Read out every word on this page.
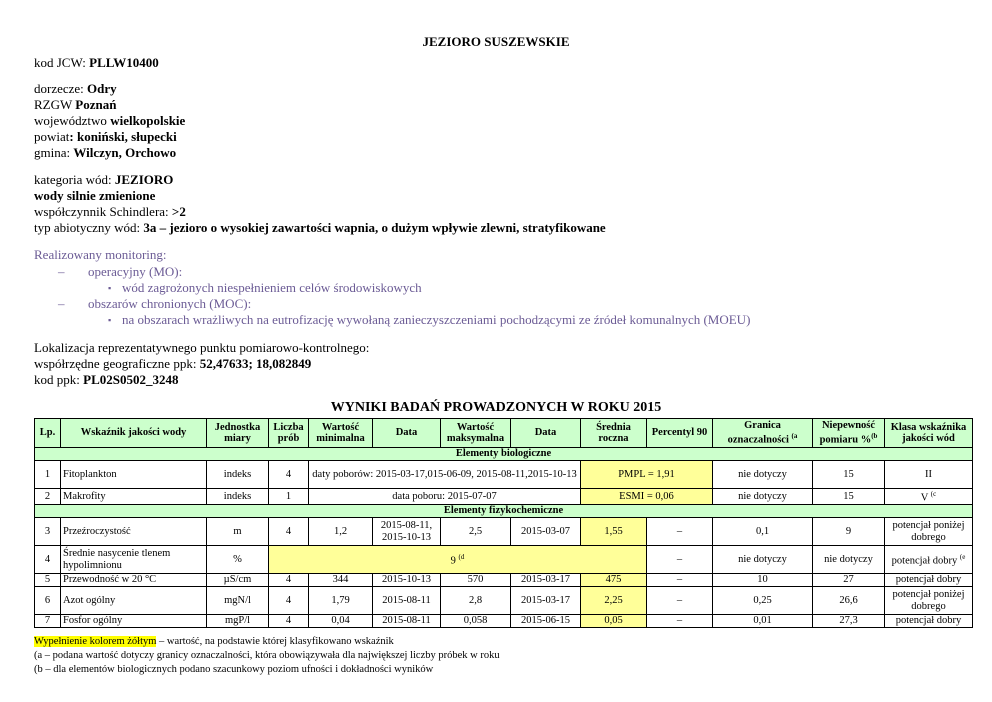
JEZIORO SUSZEWSKIE
kod JCW: PLLW10400
dorzecze: Odry
RZGW Poznań
województwo wielkopolskie
powiat: koniński, słupecki
gmina: Wilczyn, Orchowo
kategoria wód: JEZIORO
wody silnie zmienione
współczynnik Schindlera: >2
typ abiotyczny wód: 3a – jezioro o wysokiej zawartości wapnia, o dużym wpływie zlewni, stratyfikowane
Realizowany monitoring:
– operacyjny (MO):
▪ wód zagrożonych niespełnieniem celów środowiskowych
– obszarów chronionych (MOC):
▪ na obszarach wrażliwych na eutrofizację wywołaną zanieczyszczeniami pochodzącymi ze źródeł komunalnych (MOEU)
Lokalizacja reprezentatywnego punktu pomiarowo-kontrolnego:
współrzędne geograficzne ppk: 52,47633; 18,082849
kod ppk: PL02S0502_3248
WYNIKI BADAŃ PROWADZONYCH W ROKU 2015
Lp.	Wskaźnik jakości wody	Jednostka miary	Liczba prób	Wartość minimalna	Data	Wartość maksymalna	Data	Średnia roczna	Percentyl 90	Granica oznaczalności $^{(a}$	Niepewność pomiaru %$^{(b}$	Klasa wskaźnika jakości wód
Elementy biologiczne												
1	Fitoplankton	indeks	4	daty poborów: 2015-03-17,015-06-09, 2015-08-11,2015-10-13				PMPL = 1,91		nie dotyczy	15	II
2	Makrofity	indeks	1	data poboru: 2015-07-07				ESMI = 0,06		nie dotyczy	15	V $^{(c}$
Elementy fizykochemiczne												
3	Przeźroczystość	m	4	1,2	2015-08-11, 2015-10-13	2,5	2015-03-07	1,55	–	0,1	9	potencjał poniżej dobrego
4	Średnie nasycenie tlenem hypolimnionu	%	9 $^{(d}$						–	nie dotyczy	nie dotyczy	potencjał dobry $^{(e}$
5	Przewodność w 20 °C	µS/cm	4	344	2015-10-13	570	2015-03-17	475	–	10	27	potencjał dobry
6	Azot ogólny	mgN/l	4	1,79	2015-08-11	2,8	2015-03-17	2,25	–	0,25	26,6	potencjał poniżej dobrego
7	Fosfor ogólny	mgP/l	4	0,04	2015-08-11	0,058	2015-06-15	0,05	–	0,01	27,3	potencjał dobry
Wypełnienie kolorem żółtym – wartość, na podstawie której klasyfikowano wskaźnik
(a – podana wartość dotyczy granicy oznaczalności, która obowiązywała dla największej liczby próbek w roku
(b – dla elementów biologicznych podano szacunkowy poziom ufności i dokładności wyników
